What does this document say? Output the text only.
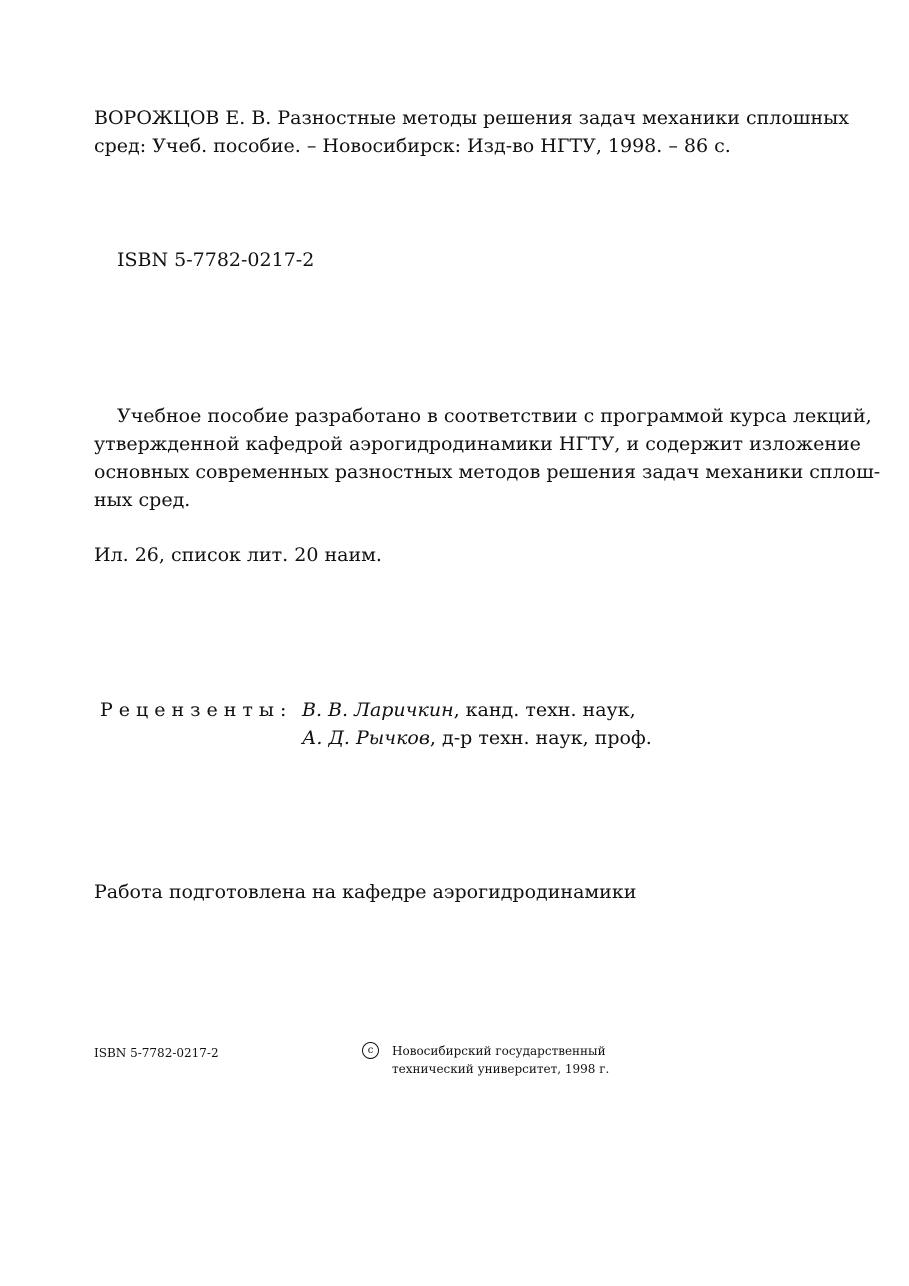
ВОРОЖЦОВ Е. В. Разностные методы решения задач механики сплошных
сред: Учеб. пособие. – Новосибирск: Изд-во НГТУ, 1998. – 86 с.
ISBN 5-7782-0217-2
Учебное пособие разработано в соответствии с программой курса лекций,
утвержденной кафедрой аэрогидродинамики НГТУ, и содержит изложение
основных современных разностных методов решения задач механики сплош-
ных сред.
Ил. 26, список лит. 20 наим.
Рецензенты: В. В. Ларичкин, канд. техн. наук,
А. Д. Рычков, д-р техн. наук, проф.
Работа подготовлена на кафедре аэрогидродинамики
ISBN 5-7782-0217-2	c	Новосибирский государственный
технический университет, 1998 г.
